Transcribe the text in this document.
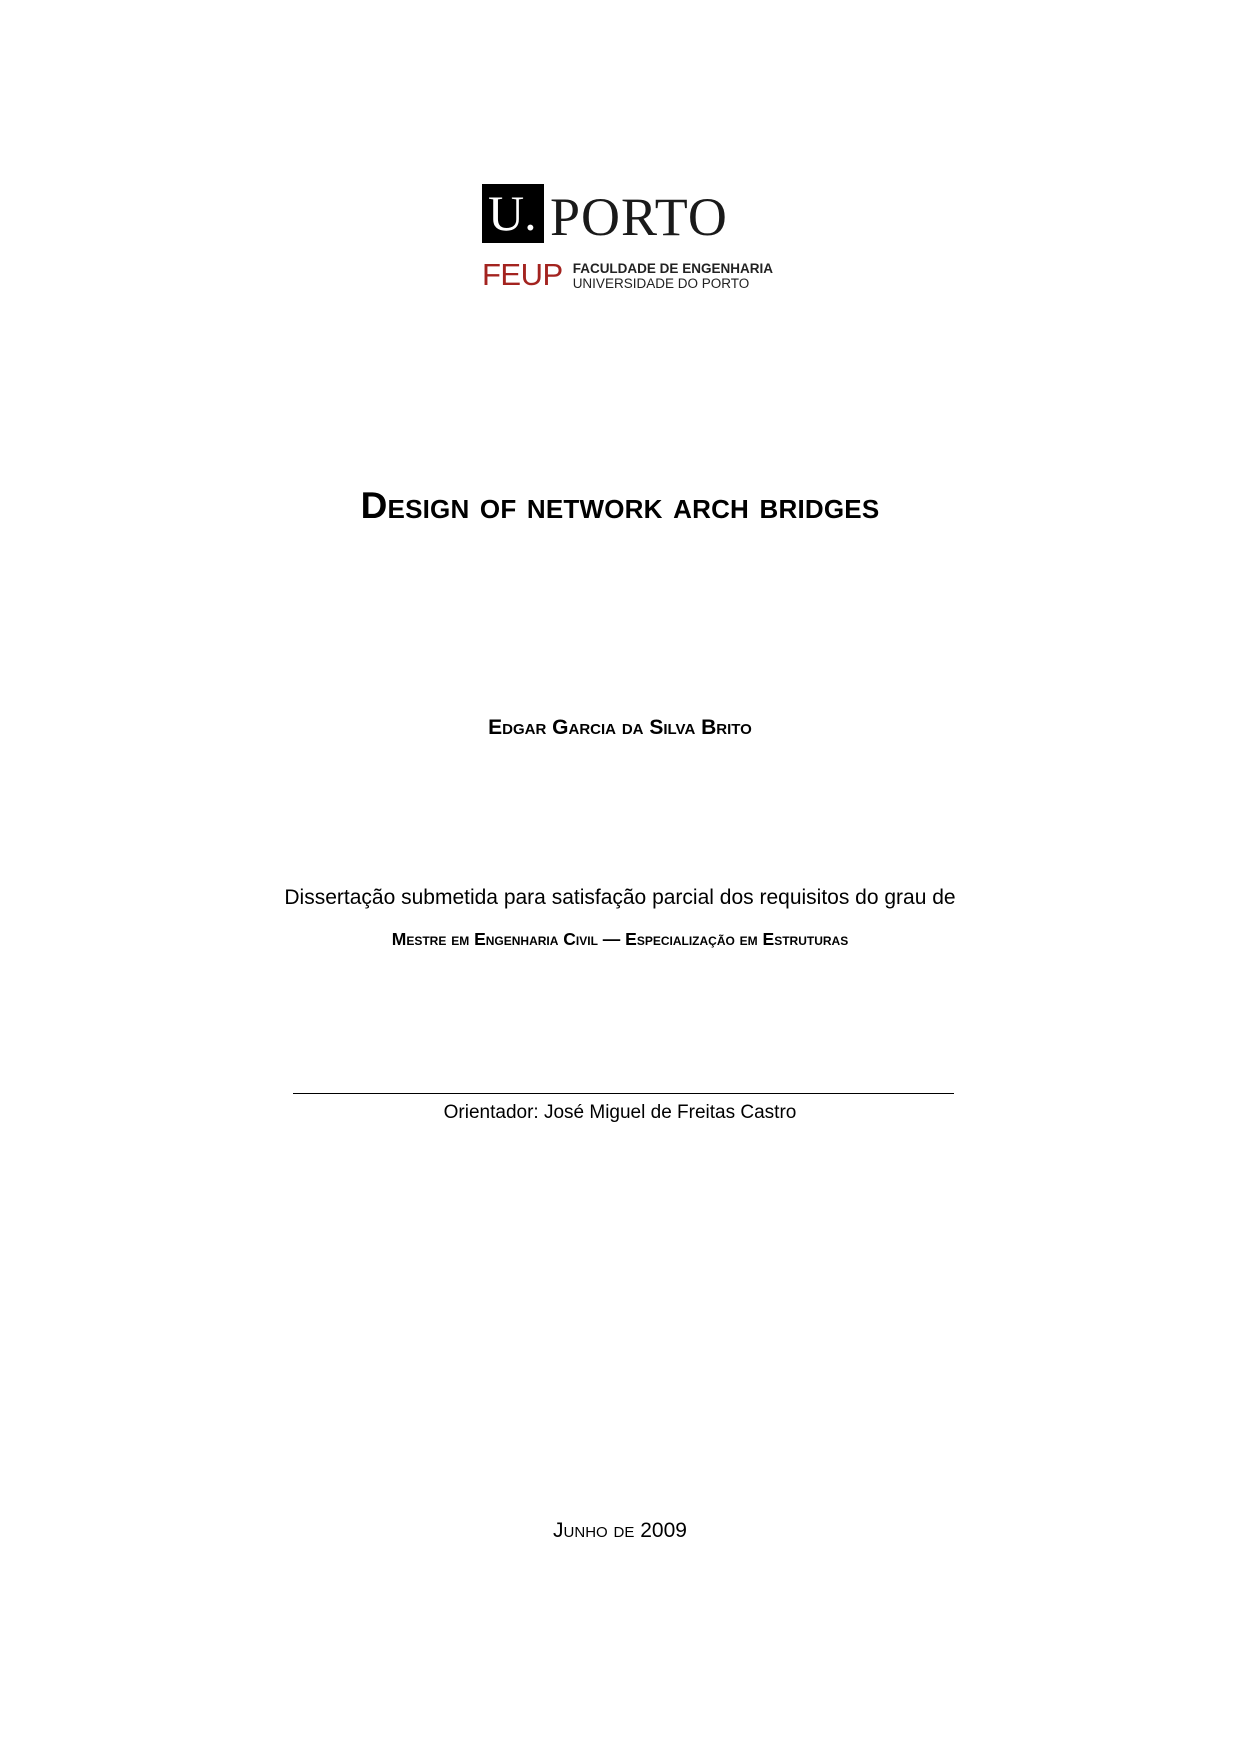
U. PORTO
FEUP FACULDADE DE ENGENHARIA
UNIVERSIDADE DO PORTO
Design of network arch bridges
Edgar Garcia da Silva Brito
Dissertação submetida para satisfação parcial dos requisitos do grau de
Mestre em Engenharia Civil — Especialização em Estruturas
Orientador: José Miguel de Freitas Castro
Junho de 2009
